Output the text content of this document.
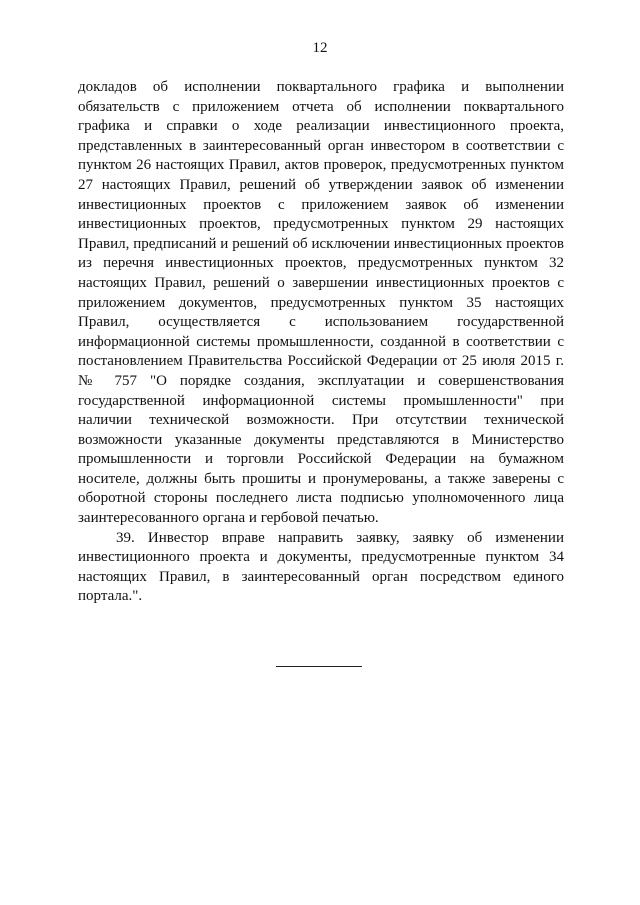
12

докладов об исполнении поквартального графика и выполнении обязательств с приложением отчета об исполнении поквартального графика и справки о ходе реализации инвестиционного проекта, представленных в заинтересованный орган инвестором в соответствии с пунктом 26 настоящих Правил, актов проверок, предусмотренных пунктом 27 настоящих Правил, решений об утверждении заявок об изменении инвестиционных проектов с приложением заявок об изменении инвестиционных проектов, предусмотренных пунктом 29 настоящих Правил, предписаний и решений об исключении инвестиционных проектов из перечня инвестиционных проектов, предусмотренных пунктом 32 настоящих Правил, решений о завершении инвестиционных проектов с приложением документов, предусмотренных пунктом 35 настоящих Правил, осуществляется с использованием государственной информационной системы промышленности, созданной в соответствии с постановлением Правительства Российской Федерации от 25 июля 2015 г. № 757 "О порядке создания, эксплуатации и совершенствования государственной информационной системы промышленности" при наличии технической возможности. При отсутствии технической возможности указанные документы представляются в Министерство промышленности и торговли Российской Федерации на бумажном носителе, должны быть прошиты и пронумерованы, а также заверены с оборотной стороны последнего листа подписью уполномоченного лица заинтересованного органа и гербовой печатью.

39. Инвестор вправе направить заявку, заявку об изменении инвестиционного проекта и документы, предусмотренные пунктом 34 настоящих Правил, в заинтересованный орган посредством единого портала.".
